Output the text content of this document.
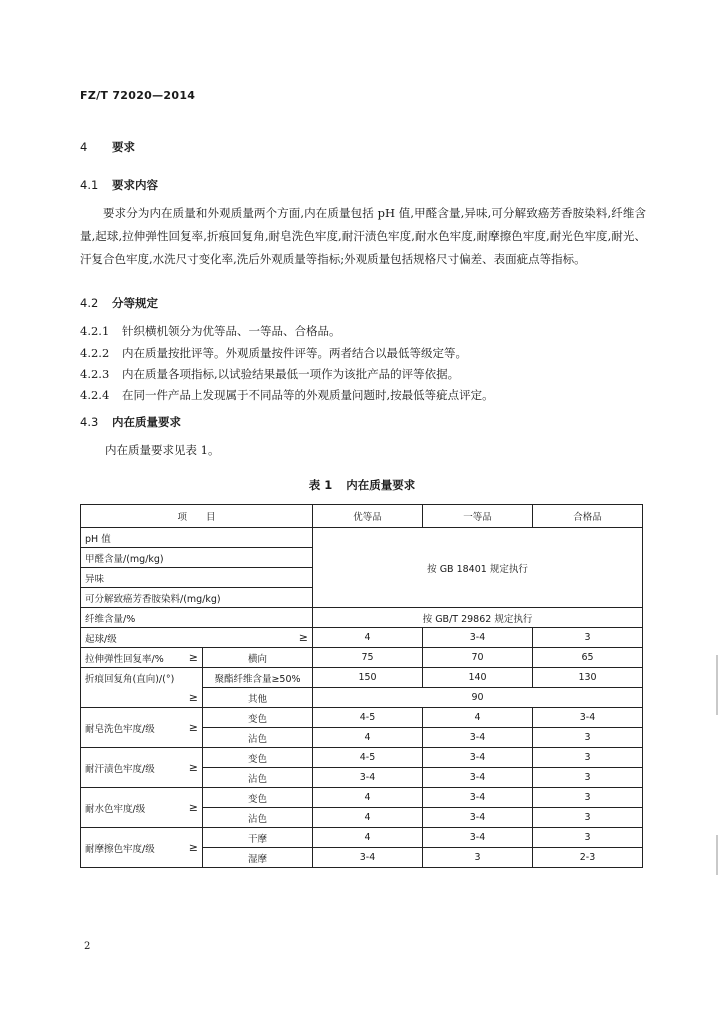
FZ/T 72020—2014
4 要求
4.1 要求内容
要求分为内在质量和外观质量两个方面,内在质量包括 pH 值,甲醛含量,异味,可分解致癌芳香胺染料,纤维含量,起球,拉伸弹性回复率,折痕回复角,耐皂洗色牢度,耐汗渍色牢度,耐水色牢度,耐摩擦色牢度,耐光色牢度,耐光、汗复合色牢度,水洗尺寸变化率,洗后外观质量等指标;外观质量包括规格尺寸偏差、表面疵点等指标。
4.2 分等规定
4.2.1 针织横机领分为优等品、一等品、合格品。
4.2.2 内在质量按批评等。外观质量按件评等。两者结合以最低等级定等。
4.2.3 内在质量各项指标,以试验结果最低一项作为该批产品的评等依据。
4.2.4 在同一件产品上发现属于不同品等的外观质量问题时,按最低等疵点评定。
4.3 内在质量要求
内在质量要求见表 1。
表 1 内在质量要求
项　　目		优等品	一等品	合格品
pH 值		按 GB 18401 规定执行		
甲醛含量/(mg/kg)				
异味				
可分解致癌芳香胺染料/(mg/kg)				
纤维含量/%		按 GB/T 29862 规定执行		

起球/级 ≥		4	3-4	3

拉伸弹性回复率/% ≥	横向	75	70	65
折痕回复角(直向)/(°)	聚酯纤维含量≥50%	150	140	130
≥	其他	90		

耐皂洗色牢度/级 ≥	变色	4-5	4	3-4
	沾色	4	3-4	3

耐汗渍色牢度/级 ≥	变色	4-5	3-4	3
	沾色	3-4	3-4	3

耐水色牢度/级 ≥	变色	4	3-4	3
	沾色	4	3-4	3

耐摩擦色牢度/级 ≥	干摩	4	3-4	3
	湿摩	3-4	3	2-3
2
